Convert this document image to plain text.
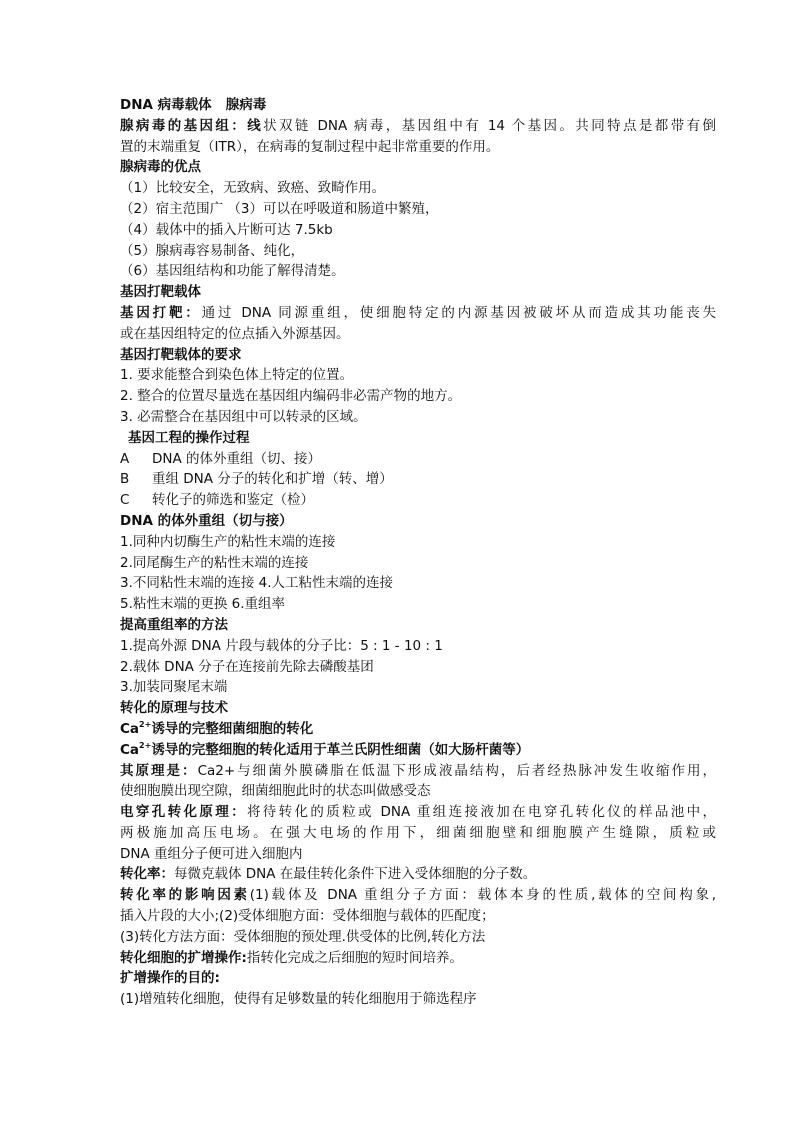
DNA 病毒载体 腺病毒
腺病毒的基因组：线状双链 DNA 病毒，基因组中有 14 个基因。共同特点是都带有倒
置的末端重复（ITR），在病毒的复制过程中起非常重要的作用。
腺病毒的优点
（1）比较安全，无致病、致癌、致畸作用。
（2）宿主范围广 （3）可以在呼吸道和肠道中繁殖，
（4）载体中的插入片断可达 7.5kb
（5）腺病毒容易制备、纯化，
（6）基因组结构和功能了解得清楚。
基因打靶载体
基因打靶：通过 DNA 同源重组，使细胞特定的内源基因被破坏从而造成其功能丧失
或在基因组特定的位点插入外源基因。
基因打靶载体的要求
1. 要求能整合到染色体上特定的位置。
2. 整合的位置尽量选在基因组内编码非必需产物的地方。
3. 必需整合在基因组中可以转录的区域。
基因工程的操作过程
A DNA 的体外重组（切、接）
B 重组 DNA 分子的转化和扩增（转、增）
C 转化子的筛选和鉴定（检）
DNA 的体外重组（切与接）
1.同种内切酶生产的粘性末端的连接
2.同尾酶生产的粘性末端的连接
3.不同粘性末端的连接 4.人工粘性末端的连接
5.粘性末端的更换 6.重组率
提高重组率的方法
1.提高外源 DNA 片段与载体的分子比：5 : 1 - 10 : 1
2.载体 DNA 分子在连接前先除去磷酸基团
3.加装同聚尾末端
转化的原理与技术
$Ca^{2+}$诱导的完整细菌细胞的转化
$Ca^{2+}$诱导的完整细胞的转化适用于革兰氏阴性细菌（如大肠杆菌等）
其原理是：Ca2+与细菌外膜磷脂在低温下形成液晶结构，后者经热脉冲发生收缩作用，
使细胞膜出现空隙，细菌细胞此时的状态叫做感受态
电穿孔转化原理：将待转化的质粒或 DNA 重组连接液加在电穿孔转化仪的样品池中，
两极施加高压电场。在强大电场的作用下，细菌细胞壁和细胞膜产生缝隙，质粒或
DNA 重组分子便可进入细胞内
转化率：每微克载体 DNA 在最佳转化条件下进入受体细胞的分子数。
转化率的影响因素(1)载体及 DNA 重组分子方面：载体本身的性质,载体的空间构象,
插入片段的大小;(2)受体细胞方面：受体细胞与载体的匹配度；
(3)转化方法方面：受体细胞的预处理.供受体的比例,转化方法
转化细胞的扩增操作:指转化完成之后细胞的短时间培养。
扩增操作的目的:
(1)增殖转化细胞，使得有足够数量的转化细胞用于筛选程序
